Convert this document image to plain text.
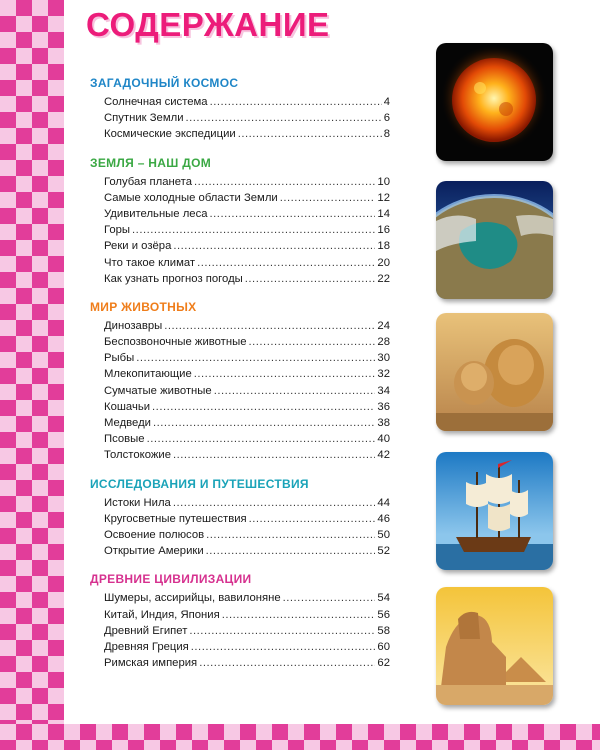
СОДЕРЖАНИЕ
ЗАГАДОЧНЫЙ КОСМОС
Солнечная система .....	4
Спутник Земли .....	6
Космические экспедиции .....	8
ЗЕМЛЯ – НАШ ДОМ
Голубая планета .....	10
Самые холодные области Земли .....	12
Удивительные леса .....	14
Горы .....	16
Реки и озёра .....	18
Что такое климат .....	20
Как узнать прогноз погоды .....	22
МИР ЖИВОТНЫХ
Динозавры .....	24
Беспозвоночные животные .....	28
Рыбы .....	30
Млекопитающие .....	32
Сумчатые животные .....	34
Кошачьи .....	36
Медведи .....	38
Псовые .....	40
Толстокожие .....	42
ИССЛЕДОВАНИЯ И ПУТЕШЕСТВИЯ
Истоки Нила .....	44
Кругосветные путешествия .....	46
Освоение полюсов .....	50
Открытие Америки .....	52
ДРЕВНИЕ ЦИВИЛИЗАЦИИ
Шумеры, ассирийцы, вавилоняне .....	54
Китай, Индия, Япония .....	56
Древний Египет .....	58
Древняя Греция .....	60
Римская империя .....	62
